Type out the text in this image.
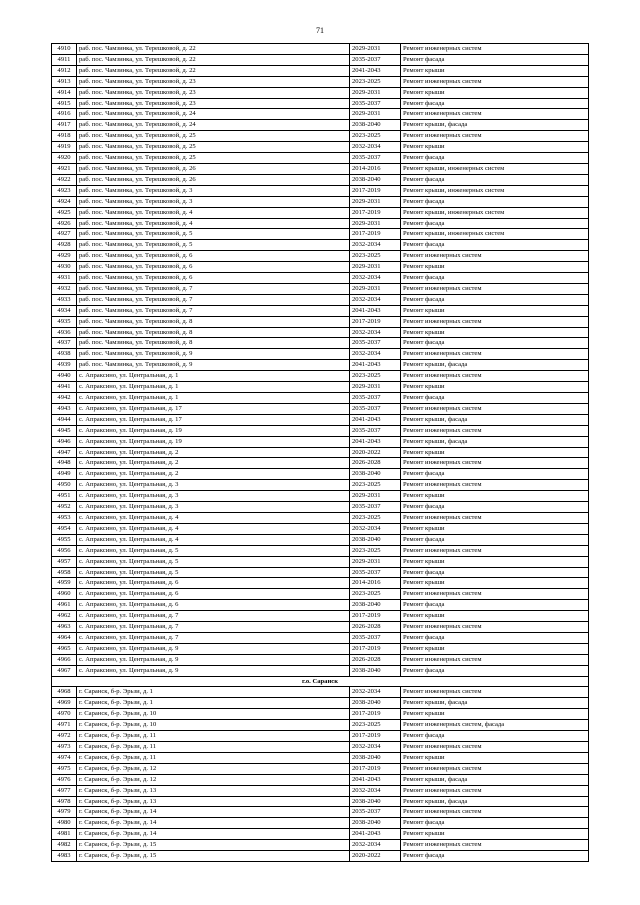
71
4910	раб. пос. Чамзинка, ул. Терешковой, д. 22	2029-2031	Ремонт инженерных систем
4911	раб. пос. Чамзинка, ул. Терешковой, д. 22	2035-2037	Ремонт фасада
4912	раб. пос. Чамзинка, ул. Терешковой, д. 22	2041-2043	Ремонт крыши
4913	раб. пос. Чамзинка, ул. Терешковой, д. 23	2023-2025	Ремонт инженерных систем
4914	раб. пос. Чамзинка, ул. Терешковой, д. 23	2029-2031	Ремонт крыши
4915	раб. пос. Чамзинка, ул. Терешковой, д. 23	2035-2037	Ремонт фасада
4916	раб. пос. Чамзинка, ул. Терешковой, д. 24	2029-2031	Ремонт инженерных систем
4917	раб. пос. Чамзинка, ул. Терешковой, д. 24	2038-2040	Ремонт крыши, фасада
4918	раб. пос. Чамзинка, ул. Терешковой, д. 25	2023-2025	Ремонт инженерных систем
4919	раб. пос. Чамзинка, ул. Терешковой, д. 25	2032-2034	Ремонт крыши
4920	раб. пос. Чамзинка, ул. Терешковой, д. 25	2035-2037	Ремонт фасада
4921	раб. пос. Чамзинка, ул. Терешковой, д. 26	2014-2016	Ремонт крыши, инженерных систем
4922	раб. пос. Чамзинка, ул. Терешковой, д. 26	2038-2040	Ремонт фасада
4923	раб. пос. Чамзинка, ул. Терешковой, д. 3	2017-2019	Ремонт крыши, инженерных систем
4924	раб. пос. Чамзинка, ул. Терешковой, д. 3	2029-2031	Ремонт фасада
4925	раб. пос. Чамзинка, ул. Терешковой, д. 4	2017-2019	Ремонт крыши, инженерных систем
4926	раб. пос. Чамзинка, ул. Терешковой, д. 4	2029-2031	Ремонт фасада
4927	раб. пос. Чамзинка, ул. Терешковой, д. 5	2017-2019	Ремонт крыши, инженерных систем
4928	раб. пос. Чамзинка, ул. Терешковой, д. 5	2032-2034	Ремонт фасада
4929	раб. пос. Чамзинка, ул. Терешковой, д. 6	2023-2025	Ремонт инженерных систем
4930	раб. пос. Чамзинка, ул. Терешковой, д. 6	2029-2031	Ремонт крыши
4931	раб. пос. Чамзинка, ул. Терешковой, д. 6	2032-2034	Ремонт фасада
4932	раб. пос. Чамзинка, ул. Терешковой, д. 7	2029-2031	Ремонт инженерных систем
4933	раб. пос. Чамзинка, ул. Терешковой, д. 7	2032-2034	Ремонт фасада
4934	раб. пос. Чамзинка, ул. Терешковой, д. 7	2041-2043	Ремонт крыши
4935	раб. пос. Чамзинка, ул. Терешковой, д. 8	2017-2019	Ремонт инженерных систем
4936	раб. пос. Чамзинка, ул. Терешковой, д. 8	2032-2034	Ремонт крыши
4937	раб. пос. Чамзинка, ул. Терешковой, д. 8	2035-2037	Ремонт фасада
4938	раб. пос. Чамзинка, ул. Терешковой, д. 9	2032-2034	Ремонт инженерных систем
4939	раб. пос. Чамзинка, ул. Терешковой, д. 9	2041-2043	Ремонт крыши, фасада
4940	с. Апраксино, ул. Центральная, д. 1	2023-2025	Ремонт инженерных систем
4941	с. Апраксино, ул. Центральная, д. 1	2029-2031	Ремонт крыши
4942	с. Апраксино, ул. Центральная, д. 1	2035-2037	Ремонт фасада
4943	с. Апраксино, ул. Центральная, д. 17	2035-2037	Ремонт инженерных систем
4944	с. Апраксино, ул. Центральная, д. 17	2041-2043	Ремонт крыши, фасада
4945	с. Апраксино, ул. Центральная, д. 19	2035-2037	Ремонт инженерных систем
4946	с. Апраксино, ул. Центральная, д. 19	2041-2043	Ремонт крыши, фасада
4947	с. Апраксино, ул. Центральная, д. 2	2020-2022	Ремонт крыши
4948	с. Апраксино, ул. Центральная, д. 2	2026-2028	Ремонт инженерных систем
4949	с. Апраксино, ул. Центральная, д. 2	2038-2040	Ремонт фасада
4950	с. Апраксино, ул. Центральная, д. 3	2023-2025	Ремонт инженерных систем
4951	с. Апраксино, ул. Центральная, д. 3	2029-2031	Ремонт крыши
4952	с. Апраксино, ул. Центральная, д. 3	2035-2037	Ремонт фасада
4953	с. Апраксино, ул. Центральная, д. 4	2023-2025	Ремонт инженерных систем
4954	с. Апраксино, ул. Центральная, д. 4	2032-2034	Ремонт крыши
4955	с. Апраксино, ул. Центральная, д. 4	2038-2040	Ремонт фасада
4956	с. Апраксино, ул. Центральная, д. 5	2023-2025	Ремонт инженерных систем
4957	с. Апраксино, ул. Центральная, д. 5	2029-2031	Ремонт крыши
4958	с. Апраксино, ул. Центральная, д. 5	2035-2037	Ремонт фасада
4959	с. Апраксино, ул. Центральная, д. 6	2014-2016	Ремонт крыши
4960	с. Апраксино, ул. Центральная, д. 6	2023-2025	Ремонт инженерных систем
4961	с. Апраксино, ул. Центральная, д. 6	2038-2040	Ремонт фасада
4962	с. Апраксино, ул. Центральная, д. 7	2017-2019	Ремонт крыши
4963	с. Апраксино, ул. Центральная, д. 7	2026-2028	Ремонт инженерных систем
4964	с. Апраксино, ул. Центральная, д. 7	2035-2037	Ремонт фасада
4965	с. Апраксино, ул. Центральная, д. 9	2017-2019	Ремонт крыши
4966	с. Апраксино, ул. Центральная, д. 9	2026-2028	Ремонт инженерных систем
4967	с. Апраксино, ул. Центральная, д. 9	2038-2040	Ремонт фасада
г.о. Саранск			
4968	г. Саранск, б-р. Эрьзи, д. 1	2032-2034	Ремонт инженерных систем
4969	г. Саранск, б-р. Эрьзи, д. 1	2038-2040	Ремонт крыши, фасада
4970	г. Саранск, б-р. Эрьзи, д. 10	2017-2019	Ремонт крыши
4971	г. Саранск, б-р. Эрьзи, д. 10	2023-2025	Ремонт инженерных систем, фасада
4972	г. Саранск, б-р. Эрьзи, д. 11	2017-2019	Ремонт фасада
4973	г. Саранск, б-р. Эрьзи, д. 11	2032-2034	Ремонт инженерных систем
4974	г. Саранск, б-р. Эрьзи, д. 11	2038-2040	Ремонт крыши
4975	г. Саранск, б-р. Эрьзи, д. 12	2017-2019	Ремонт инженерных систем
4976	г. Саранск, б-р. Эрьзи, д. 12	2041-2043	Ремонт крыши, фасада
4977	г. Саранск, б-р. Эрьзи, д. 13	2032-2034	Ремонт инженерных систем
4978	г. Саранск, б-р. Эрьзи, д. 13	2038-2040	Ремонт крыши, фасада
4979	г. Саранск, б-р. Эрьзи, д. 14	2035-2037	Ремонт инженерных систем
4980	г. Саранск, б-р. Эрьзи, д. 14	2038-2040	Ремонт фасада
4981	г. Саранск, б-р. Эрьзи, д. 14	2041-2043	Ремонт крыши
4982	г. Саранск, б-р. Эрьзи, д. 15	2032-2034	Ремонт инженерных систем
4983	г. Саранск, б-р. Эрьзи, д. 15	2020-2022	Ремонт фасада
